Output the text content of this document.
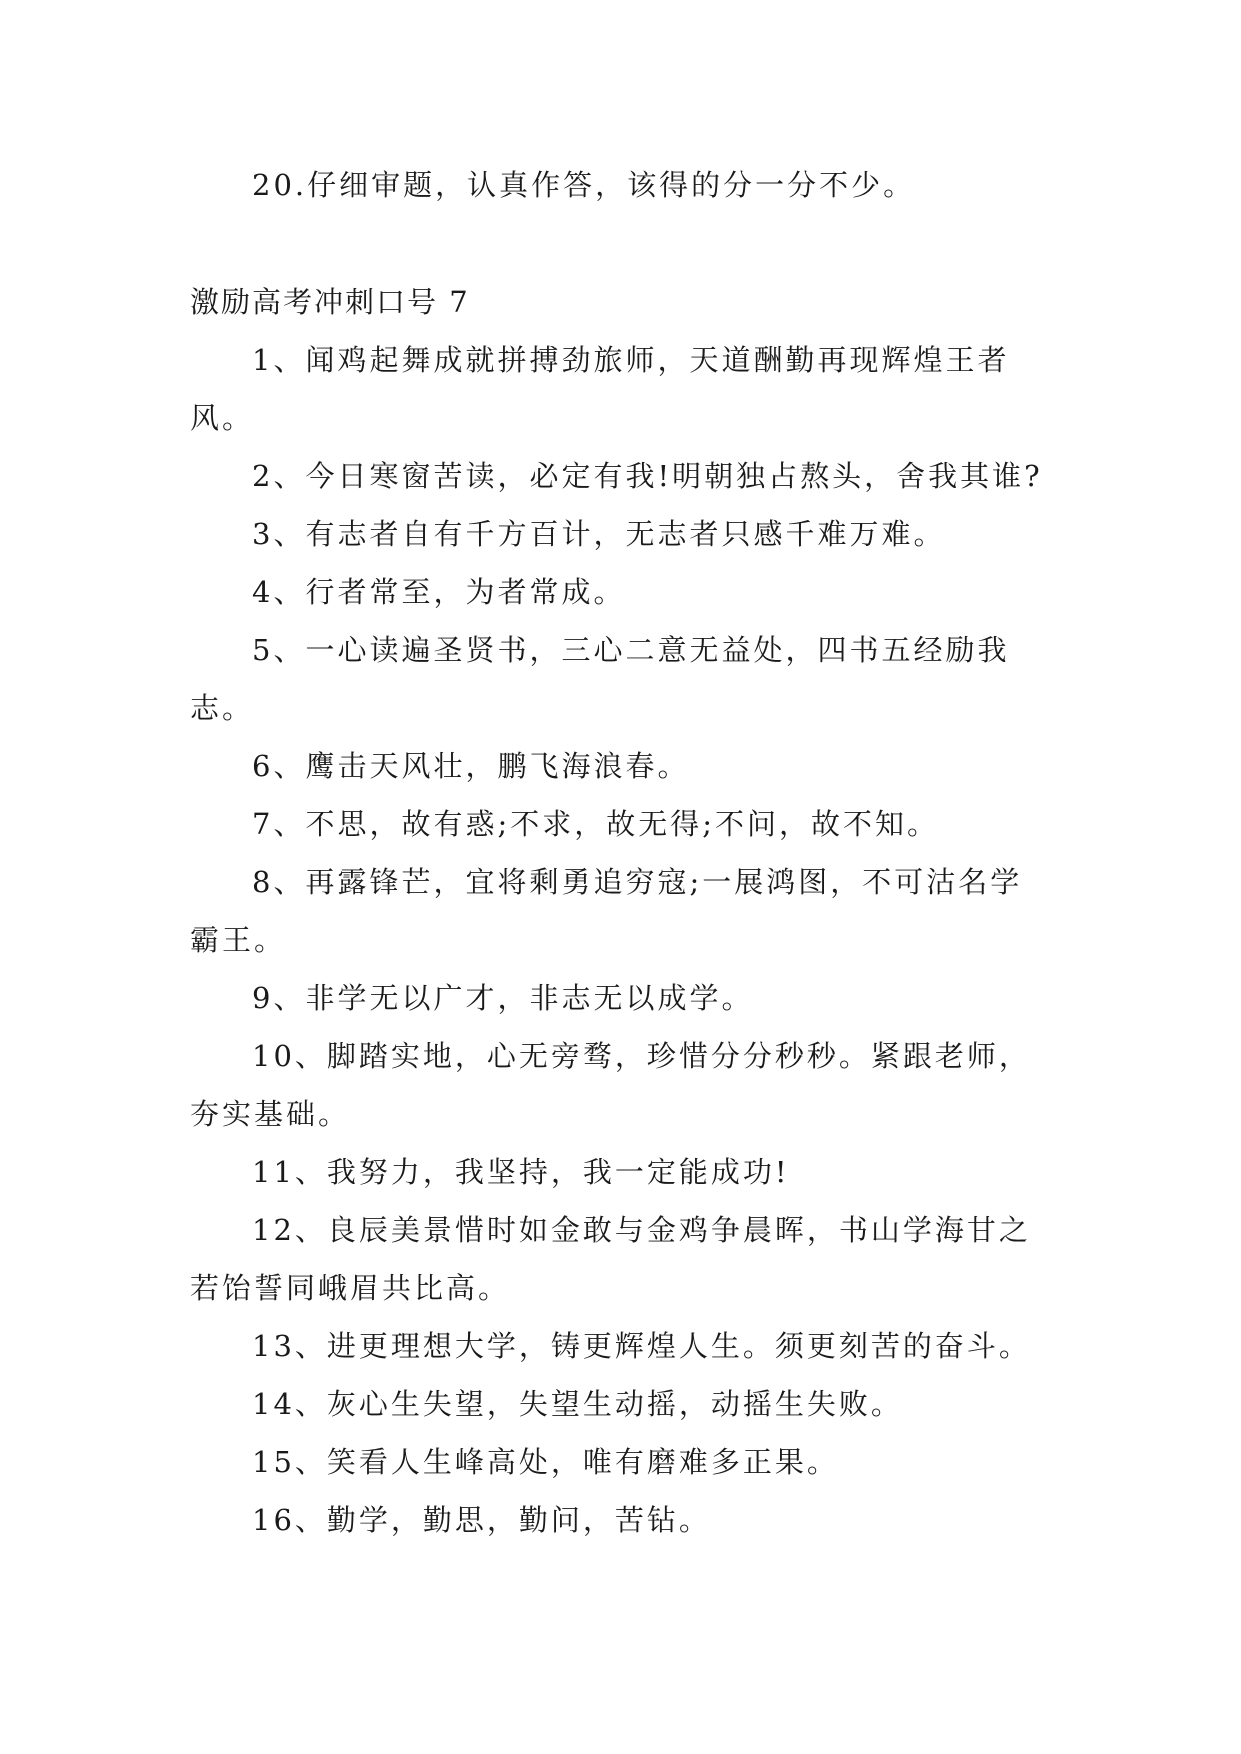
20.仔细审题，认真作答，该得的分一分不少。
激励高考冲刺口号 7
1、闻鸡起舞成就拼搏劲旅师，天道酬勤再现辉煌王者
风。
2、今日寒窗苦读，必定有我!明朝独占熬头，舍我其谁?
3、有志者自有千方百计，无志者只感千难万难。
4、行者常至，为者常成。
5、一心读遍圣贤书，三心二意无益处，四书五经励我
志。
6、鹰击天风壮，鹏飞海浪春。
7、不思，故有惑;不求，故无得;不问，故不知。
8、再露锋芒，宜将剩勇追穷寇;一展鸿图，不可沽名学
霸王。
9、非学无以广才，非志无以成学。
10、脚踏实地，心无旁骛，珍惜分分秒秒。紧跟老师，
夯实基础。
11、我努力，我坚持，我一定能成功!
12、良辰美景惜时如金敢与金鸡争晨晖，书山学海甘之
若饴誓同峨眉共比高。
13、进更理想大学，铸更辉煌人生。须更刻苦的奋斗。
14、灰心生失望，失望生动摇，动摇生失败。
15、笑看人生峰高处，唯有磨难多正果。
16、勤学，勤思，勤问，苦钻。
